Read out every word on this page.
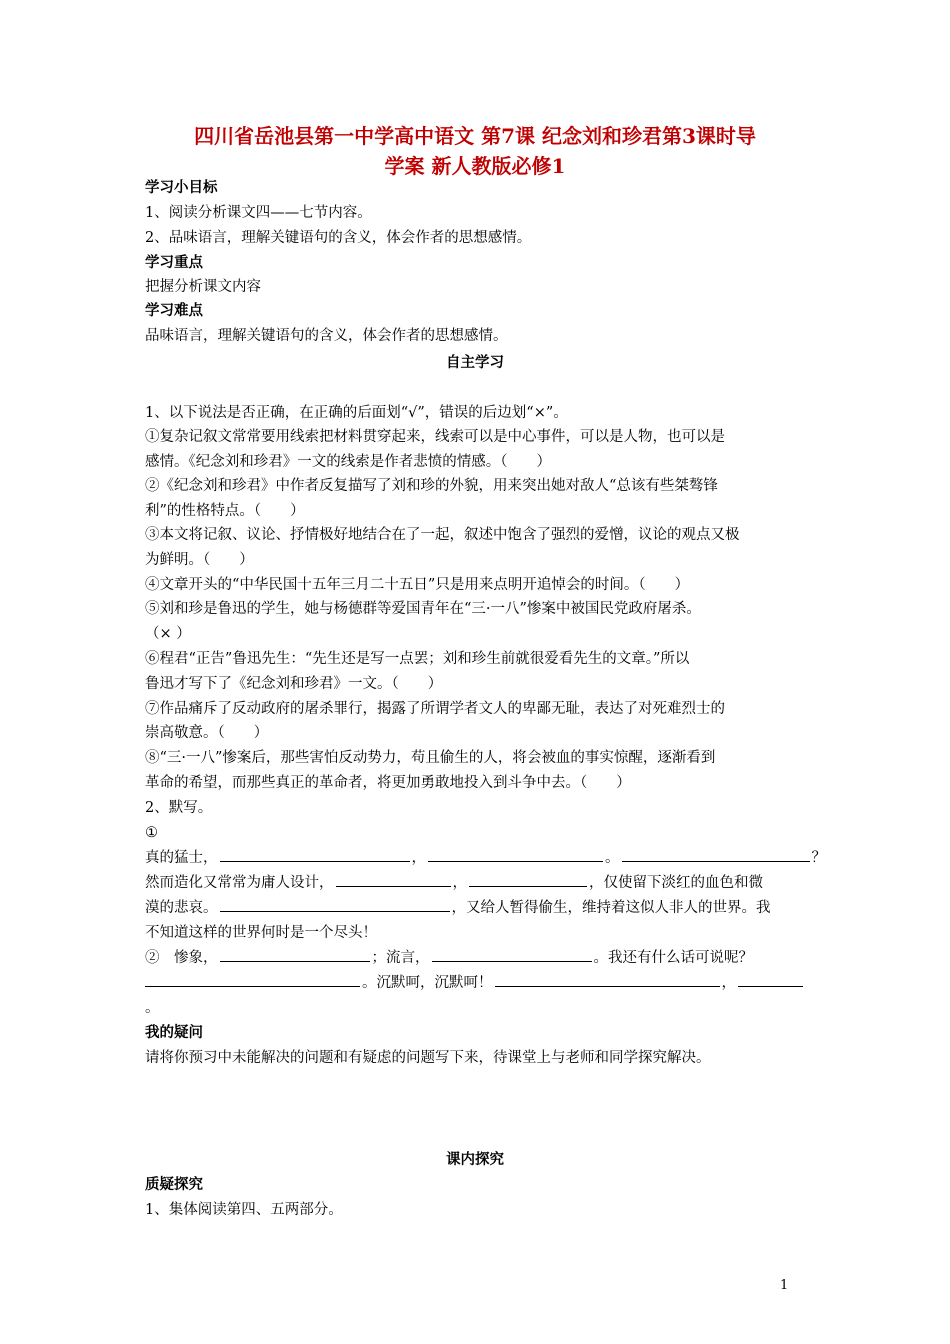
四川省岳池县第一中学高中语文 第7课 纪念刘和珍君第3课时导
学案 新人教版必修1
学习小目标
1、阅读分析课文四——七节内容。
2、品味语言，理解关键语句的含义，体会作者的思想感情。
学习重点
把握分析课文内容
学习难点
品味语言，理解关键语句的含义，体会作者的思想感情。
自主学习
1、以下说法是否正确，在正确的后面划“√”，错误的后边划“×”。
①复杂记叙文常常要用线索把材料贯穿起来，线索可以是中心事件，可以是人物，也可以是
感情。《纪念刘和珍君》一文的线索是作者悲愤的情感。（　　）
②《纪念刘和珍君》中作者反复描写了刘和珍的外貌，用来突出她对敌人“总该有些桀骜锋
利”的性格特点。（　　）
③本文将记叙、议论、抒情极好地结合在了一起，叙述中饱含了强烈的爱憎，议论的观点又极
为鲜明。（　　）
④文章开头的“中华民国十五年三月二十五日”只是用来点明开追悼会的时间。（　　）
⑤刘和珍是鲁迅的学生，她与杨德群等爱国青年在“三·一八”惨案中被国民党政府屠杀。
（× ）
⑥程君“正告”鲁迅先生：“先生还是写一点罢；刘和珍生前就很爱看先生的文章。”所以
鲁迅才写下了《纪念刘和珍君》一文。（　　）
⑦作品痛斥了反动政府的屠杀罪行，揭露了所谓学者文人的卑鄙无耻，表达了对死难烈士的
崇高敬意。（　　）
⑧“三·一八”惨案后，那些害怕反动势力，苟且偷生的人，将会被血的事实惊醒，逐渐看到
革命的希望，而那些真正的革命者，将更加勇敢地投入到斗争中去。（　　）
2、默写。
①
真的猛士，	，	。	？
然而造化又常常为庸人设计，	，	，仅使留下淡红的血色和微
漠的悲哀。	，又给人暂得偷生，维持着这似人非人的世界。我
不知道这样的世界何时是一个尽头！
②　惨象，	；流言，	。我还有什么话可说呢？
。沉默呵，沉默呵！	，
。
我的疑问
请将你预习中未能解决的问题和有疑虑的问题写下来，待课堂上与老师和同学探究解决。
课内探究
质疑探究
1、集体阅读第四、五两部分。
1
